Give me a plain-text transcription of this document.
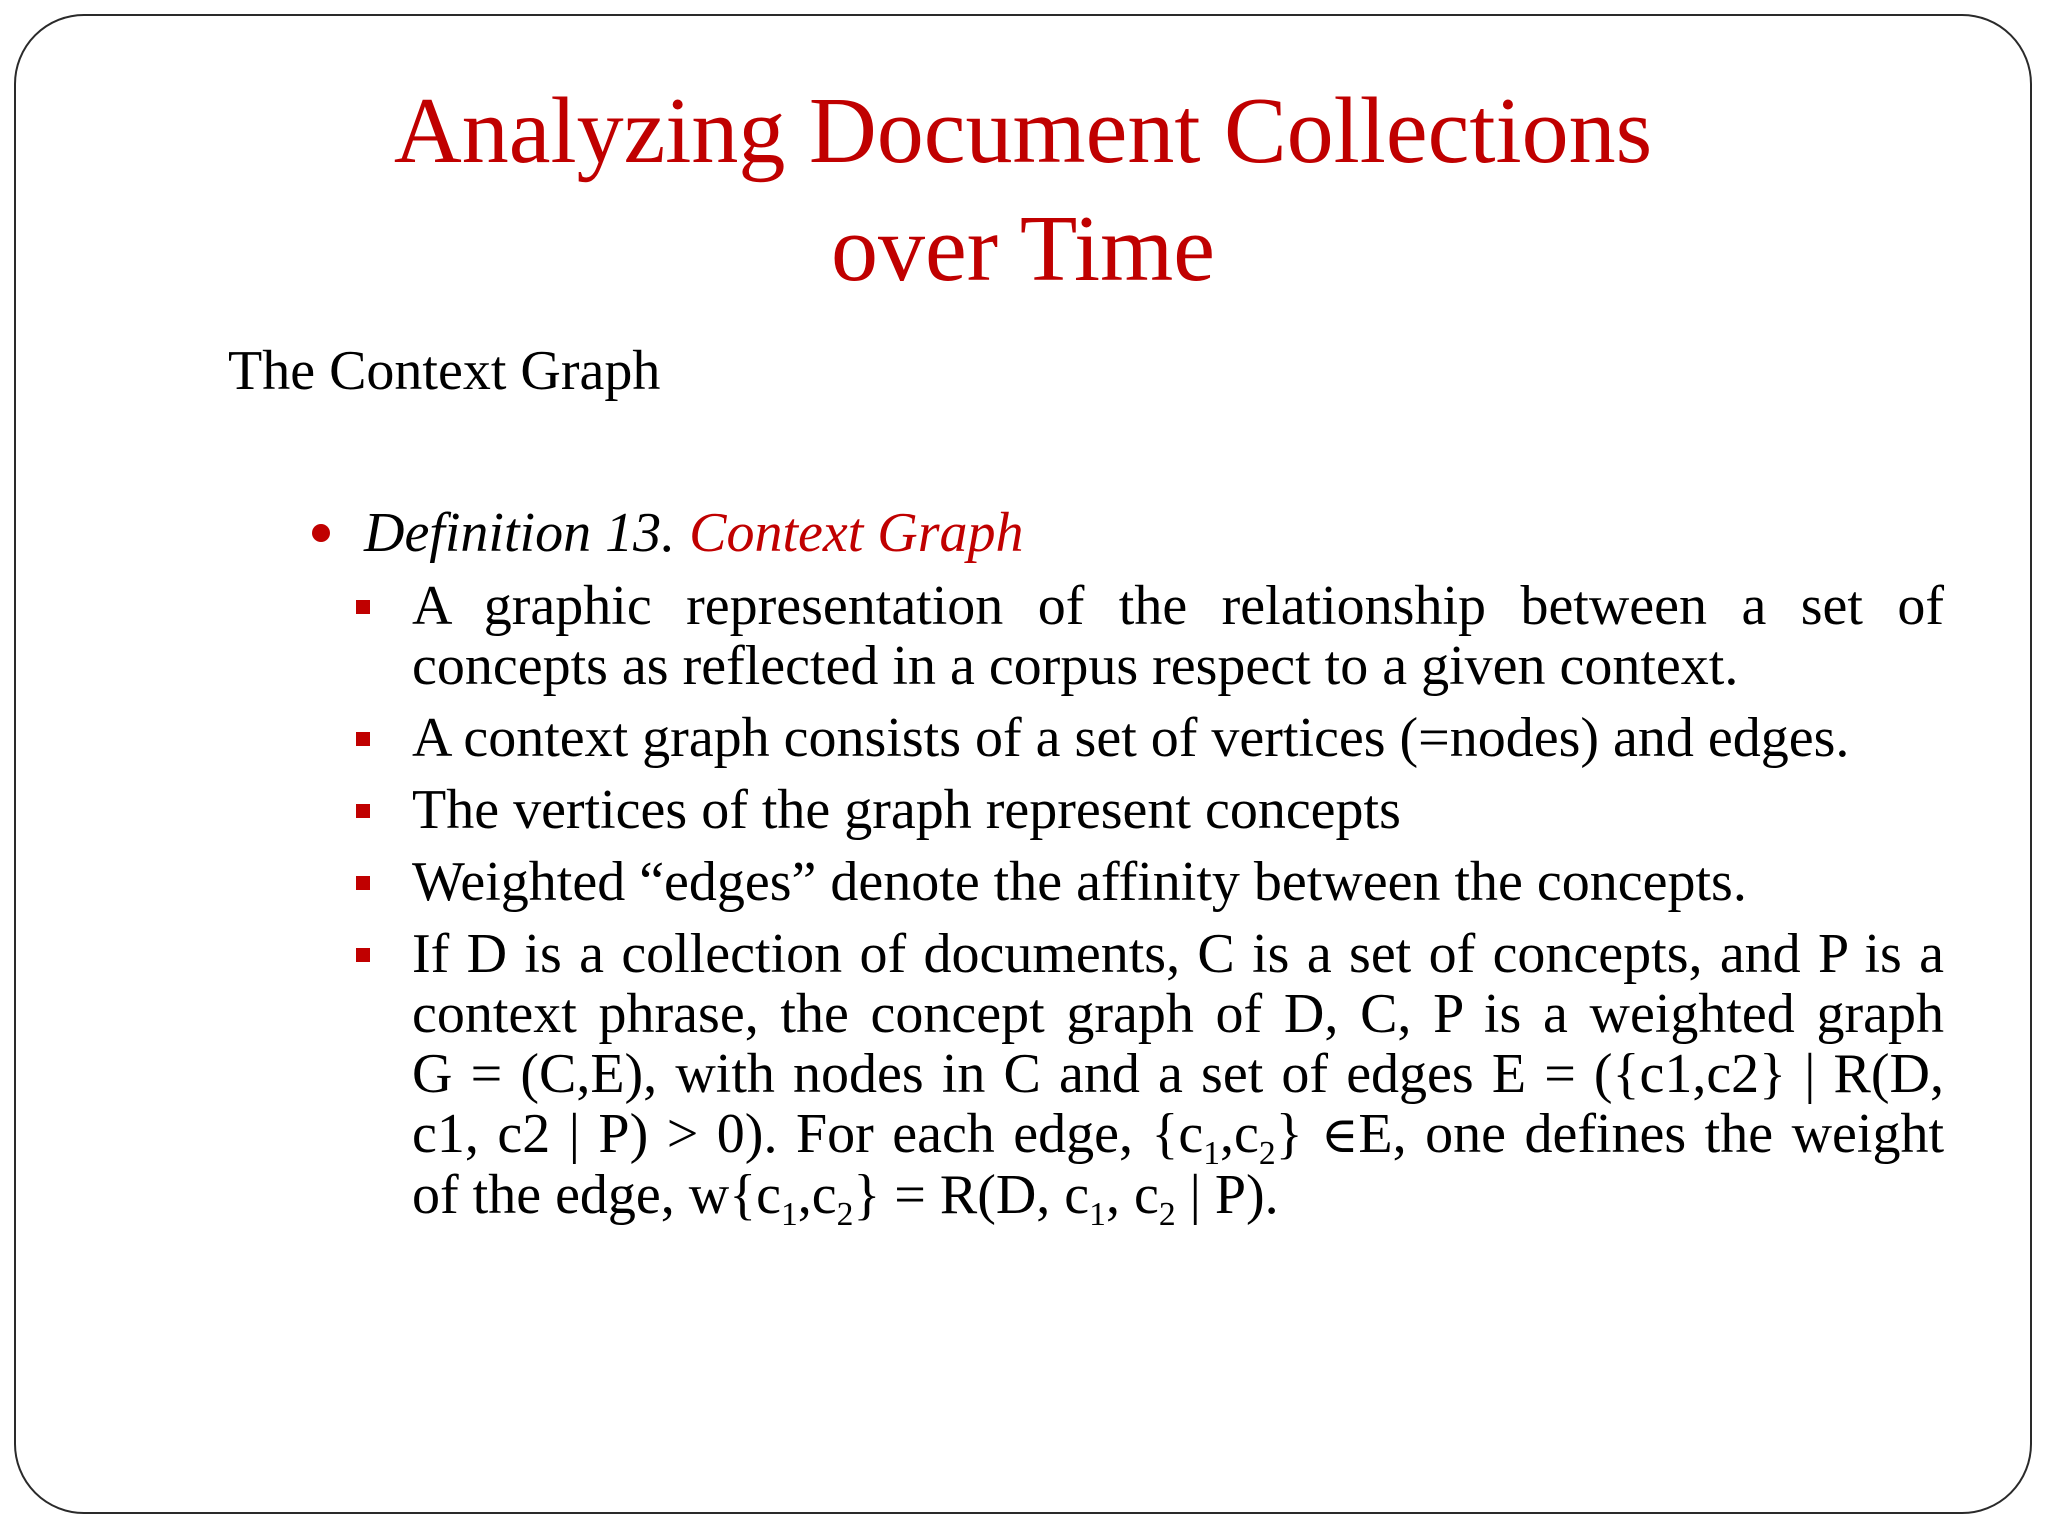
Analyzing Document Collections
over Time

The Context Graph

Definition 13. Context Graph
A graphic representation of the relationship between a set of concepts as reflected in a corpus respect to a given context.
A context graph consists of a set of vertices (=nodes) and edges.
The vertices of the graph represent concepts
Weighted “edges” denote the affinity between the concepts.
If D is a collection of documents, C is a set of concepts, and P is a
context phrase, the concept graph of D, C, P is a weighted graph
G = (C,E), with nodes in C and a set of edges E = ({c1,c2} | R(D,
c1, c2 | P) > 0). For each edge, $\{c_1,c_2\}$ ∈E, one defines the weight
of the edge, $w\{c_1,c_2\} = R(D$, $c_1$, $c_2$ | P).
